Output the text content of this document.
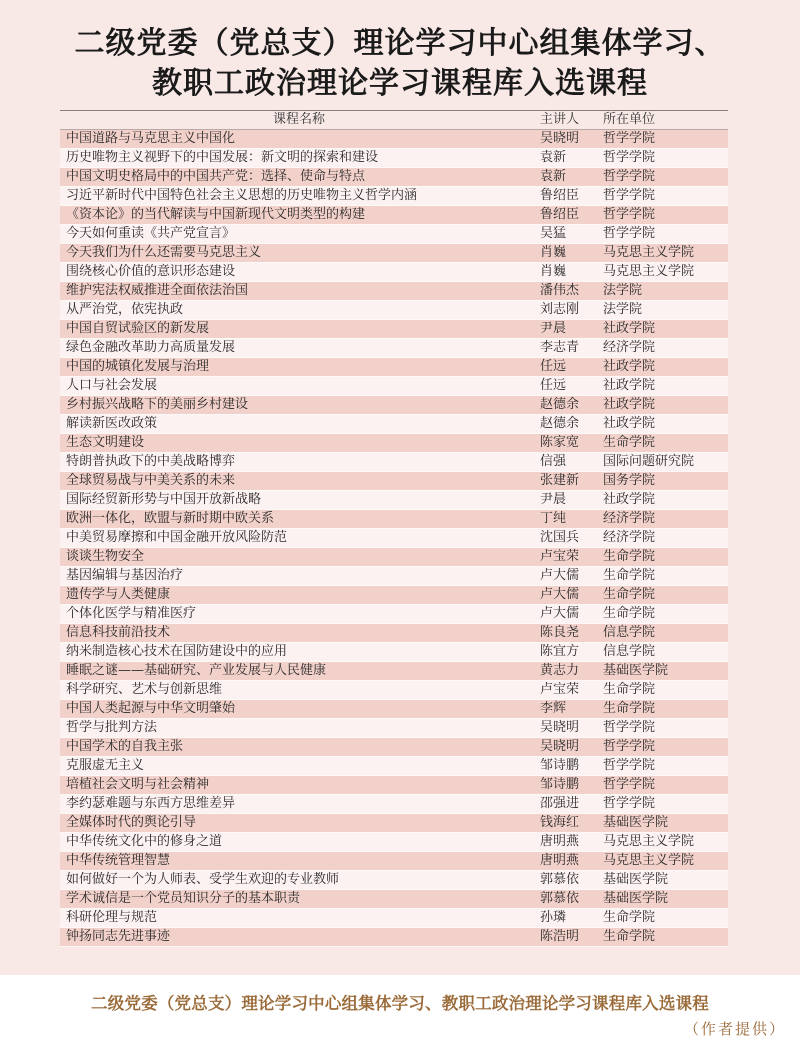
二级党委（党总支）理论学习中心组集体学习、
教职工政治理论学习课程库入选课程
课程名称	主讲人	所在单位
中国道路与马克思主义中国化	吴晓明	哲学学院
历史唯物主义视野下的中国发展：新文明的探索和建设	袁新	哲学学院
中国文明史格局中的中国共产党：选择、使命与特点	袁新	哲学学院
习近平新时代中国特色社会主义思想的历史唯物主义哲学内涵	鲁绍臣	哲学学院
《资本论》的当代解读与中国新现代文明类型的构建	鲁绍臣	哲学学院
今天如何重读《共产党宣言》	吴猛	哲学学院
今天我们为什么还需要马克思主义	肖巍	马克思主义学院
围绕核心价值的意识形态建设	肖巍	马克思主义学院
维护宪法权威推进全面依法治国	潘伟杰	法学院
从严治党，依宪执政	刘志刚	法学院
中国自贸试验区的新发展	尹晨	社政学院
绿色金融改革助力高质量发展	李志青	经济学院
中国的城镇化发展与治理	任远	社政学院
人口与社会发展	任远	社政学院
乡村振兴战略下的美丽乡村建设	赵德余	社政学院
解读新医改政策	赵德余	社政学院
生态文明建设	陈家宽	生命学院
特朗普执政下的中美战略博弈	信强	国际问题研究院
全球贸易战与中美关系的未来	张建新	国务学院
国际经贸新形势与中国开放新战略	尹晨	社政学院
欧洲一体化，欧盟与新时期中欧关系	丁纯	经济学院
中美贸易摩擦和中国金融开放风险防范	沈国兵	经济学院
谈谈生物安全	卢宝荣	生命学院
基因编辑与基因治疗	卢大儒	生命学院
遗传学与人类健康	卢大儒	生命学院
个体化医学与精准医疗	卢大儒	生命学院
信息科技前沿技术	陈良尧	信息学院
纳米制造核心技术在国防建设中的应用	陈宜方	信息学院
睡眠之谜——基础研究、产业发展与人民健康	黄志力	基础医学院
科学研究、艺术与创新思维	卢宝荣	生命学院
中国人类起源与中华文明肇始	李辉	生命学院
哲学与批判方法	吴晓明	哲学学院
中国学术的自我主张	吴晓明	哲学学院
克服虚无主义	邹诗鹏	哲学学院
培植社会文明与社会精神	邹诗鹏	哲学学院
李约瑟难题与东西方思维差异	邵强进	哲学学院
全媒体时代的舆论引导	钱海红	基础医学院
中华传统文化中的修身之道	唐明燕	马克思主义学院
中华传统管理智慧	唐明燕	马克思主义学院
如何做好一个为人师表、受学生欢迎的专业教师	郭慕依	基础医学院
学术诚信是一个党员知识分子的基本职责	郭慕依	基础医学院
科研伦理与规范	孙璘	生命学院
钟扬同志先进事迹	陈浩明	生命学院
二级党委（党总支）理论学习中心组集体学习、教职工政治理论学习课程库入选课程
（作者提供）
